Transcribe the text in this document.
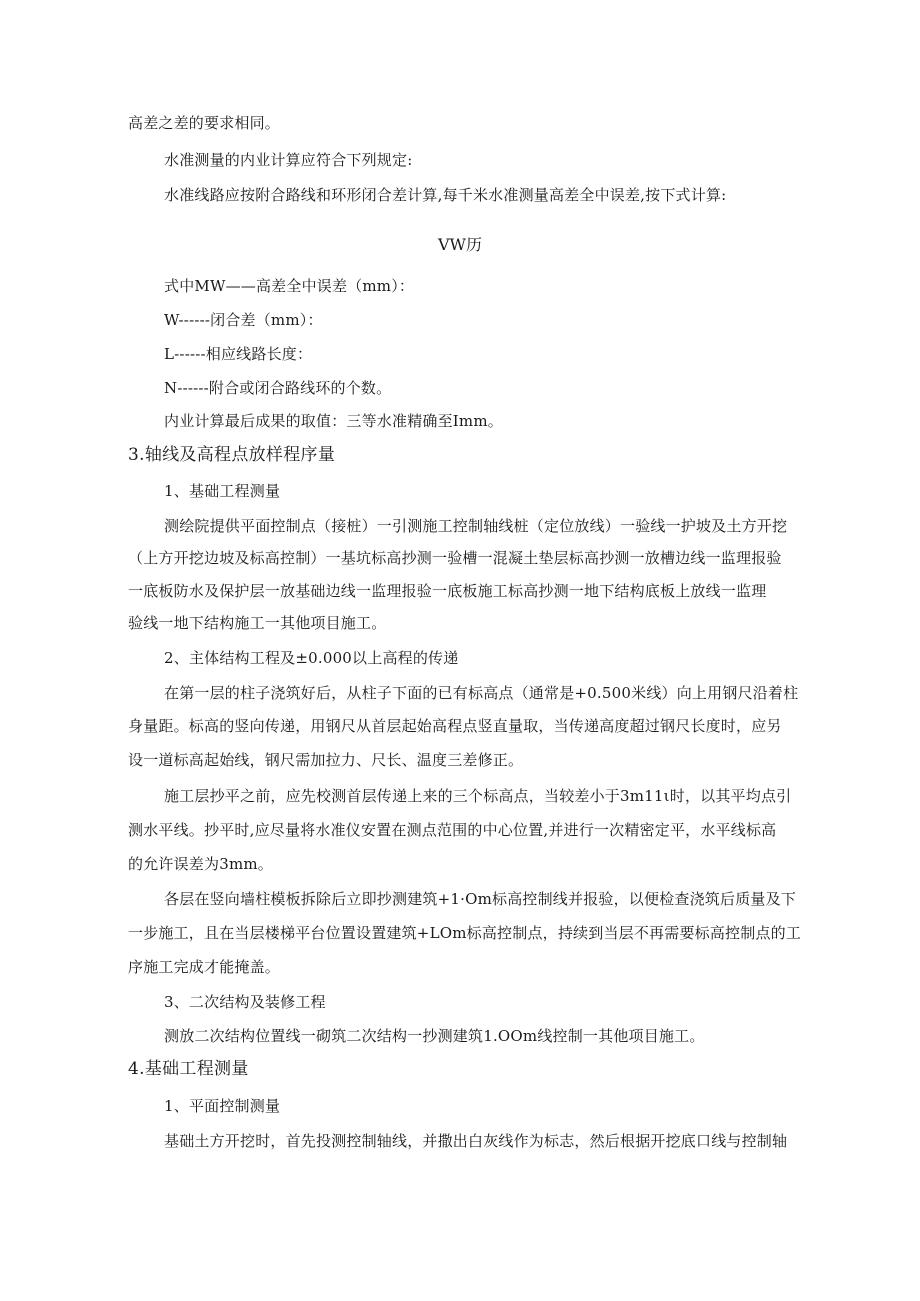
高差之差的要求相同。
水准测量的内业计算应符合下列规定:
水准线路应按附合路线和环形闭合差计算,每千米水准测量高差全中误差,按下式计算:
VW历
式中MW——高差全中误差（mm）：
W------闭合差（mm）：
L------相应线路长度：
N------附合或闭合路线环的个数。
内业计算最后成果的取值：三等水准精确至Imm。
3.轴线及高程点放样程序量
1、基础工程测量
测绘院提供平面控制点（接桩）一引测施工控制轴线桩（定位放线）一验线一护坡及土方开挖
（上方开挖边坡及标高控制）一基坑标高抄测一验槽一混凝土垫层标高抄测一放槽边线一监理报验
一底板防水及保护层一放基础边线一监理报验一底板施工标高抄测一地下结构底板上放线一监理
验线一地下结构施工一其他项目施工。
2、主体结构工程及±0.000以上高程的传递
在第一层的柱子浇筑好后，从柱子下面的已有标高点（通常是+0.500米线）向上用钢尺沿着柱
身量距。标高的竖向传递，用钢尺从首层起始高程点竖直量取，当传递高度超过钢尺长度时，应另
设一道标高起始线，钢尺需加拉力、尺长、温度三差修正。
施工层抄平之前，应先校测首层传递上来的三个标高点，当较差小于3m11ι时，以其平均点引
测水平线。抄平时,应尽量将水准仪安置在测点范围的中心位置,并进行一次精密定平，水平线标高
的允许误差为3mm。
各层在竖向墙柱模板拆除后立即抄测建筑+1·Om标高控制线并报验，以便检查浇筑后质量及下
一步施工，且在当层楼梯平台位置设置建筑+LOm标高控制点，持续到当层不再需要标高控制点的工
序施工完成才能掩盖。
3、二次结构及装修工程
测放二次结构位置线一砌筑二次结构一抄测建筑1.OOm线控制一其他项目施工。
4.基础工程测量
1、平面控制测量
基础土方开挖时，首先投测控制轴线，并撒出白灰线作为标志，然后根据开挖底口线与控制轴
